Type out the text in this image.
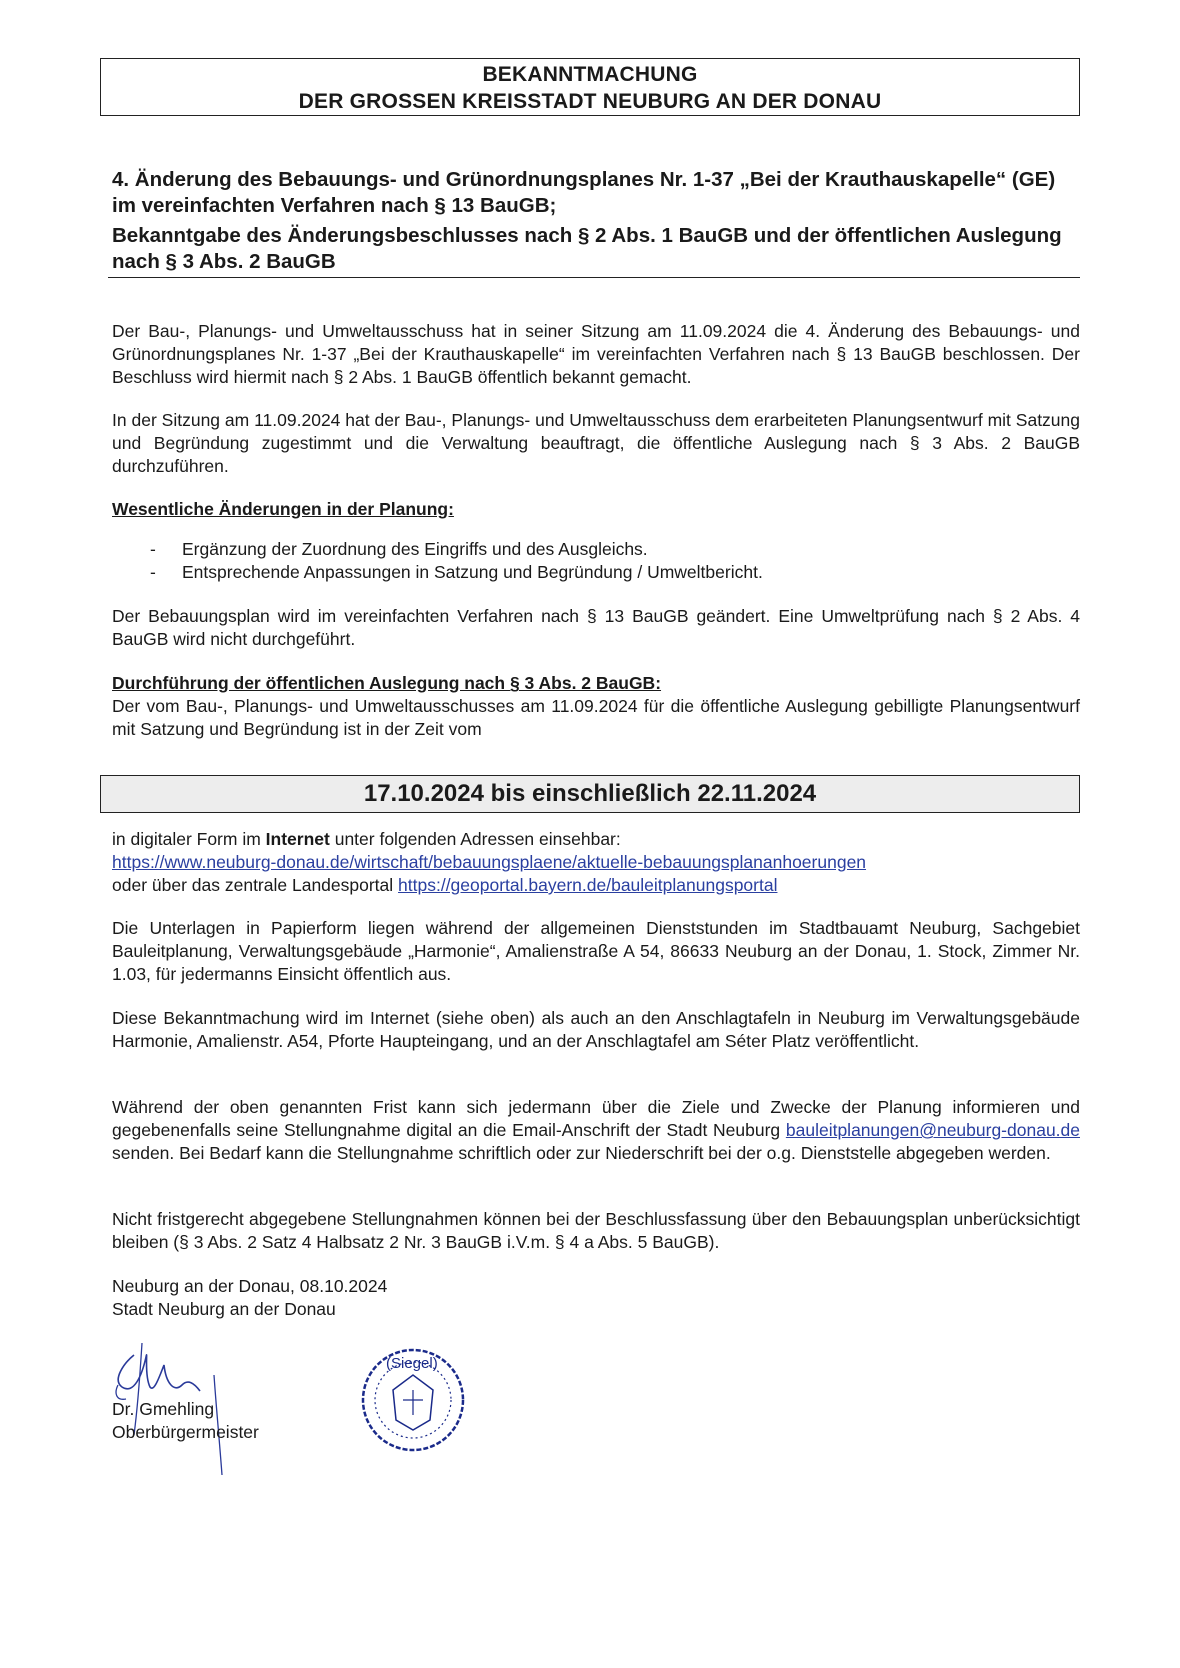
BEKANNTMACHUNG
DER GROSSEN KREISSTADT NEUBURG AN DER DONAU

4. Änderung des Bebauungs- und Grünordnungsplanes Nr. 1-37 „Bei der Krauthauskapelle“ (GE) im vereinfachten Verfahren nach § 13 BauGB;

Bekanntgabe des Änderungsbeschlusses nach § 2 Abs. 1 BauGB und der öffentlichen Auslegung nach § 3 Abs. 2 BauGB

Der Bau-, Planungs- und Umweltausschuss hat in seiner Sitzung am 11.09.2024 die 4. Änderung des Bebauungs- und Grünordnungsplanes Nr. 1-37 „Bei der Krauthauskapelle“ im vereinfachten Verfahren nach § 13 BauGB beschlossen. Der Beschluss wird hiermit nach § 2 Abs. 1 BauGB öffentlich bekannt gemacht.

In der Sitzung am 11.09.2024 hat der Bau-, Planungs- und Umweltausschuss dem erarbeiteten Planungsentwurf mit Satzung und Begründung zugestimmt und die Verwaltung beauftragt, die öffentliche Auslegung nach § 3 Abs. 2 BauGB durchzuführen.

Wesentliche Änderungen in der Planung:

- Ergänzung der Zuordnung des Eingriffs und des Ausgleichs.
- Entsprechende Anpassungen in Satzung und Begründung / Umweltbericht.

Der Bebauungsplan wird im vereinfachten Verfahren nach § 13 BauGB geändert. Eine Umweltprüfung nach § 2 Abs. 4 BauGB wird nicht durchgeführt.

Durchführung der öffentlichen Auslegung nach § 3 Abs. 2 BauGB:

Der vom Bau-, Planungs- und Umweltausschusses am 11.09.2024 für die öffentliche Auslegung gebilligte Planungsentwurf mit Satzung und Begründung ist in der Zeit vom

17.10.2024 bis einschließlich 22.11.2024

in digitaler Form im Internet unter folgenden Adressen einsehbar:

https://www.neuburg-donau.de/wirtschaft/bebauungsplaene/aktuelle-bebauungsplananhoerungen

oder über das zentrale Landesportal https://geoportal.bayern.de/bauleitplanungsportal

Die Unterlagen in Papierform liegen während der allgemeinen Dienststunden im Stadtbauamt Neuburg, Sachgebiet Bauleitplanung, Verwaltungsgebäude „Harmonie“, Amalienstraße A 54, 86633 Neuburg an der Donau, 1. Stock, Zimmer Nr. 1.03, für jedermanns Einsicht öffentlich aus.

Diese Bekanntmachung wird im Internet (siehe oben) als auch an den Anschlagtafeln in Neuburg im Verwaltungsgebäude Harmonie, Amalienstr. A54, Pforte Haupteingang, und an der Anschlagtafel am Séter Platz veröffentlicht.

Während der oben genannten Frist kann sich jedermann über die Ziele und Zwecke der Planung informieren und gegebenenfalls seine Stellungnahme digital an die Email-Anschrift der Stadt Neuburg bauleitplanungen@neuburg-donau.de senden. Bei Bedarf kann die Stellungnahme schriftlich oder zur Niederschrift bei der o.g. Dienststelle abgegeben werden.

Nicht fristgerecht abgegebene Stellungnahmen können bei der Beschlussfassung über den Bebauungsplan unberücksichtigt bleiben (§ 3 Abs. 2 Satz 4 Halbsatz 2 Nr. 3 BauGB i.V.m. § 4 a Abs. 5 BauGB).

Neuburg an der Donau, 08.10.2024
Stadt Neuburg an der Donau
Dr. Gmehling
Oberbürgermeister
(Siegel)
